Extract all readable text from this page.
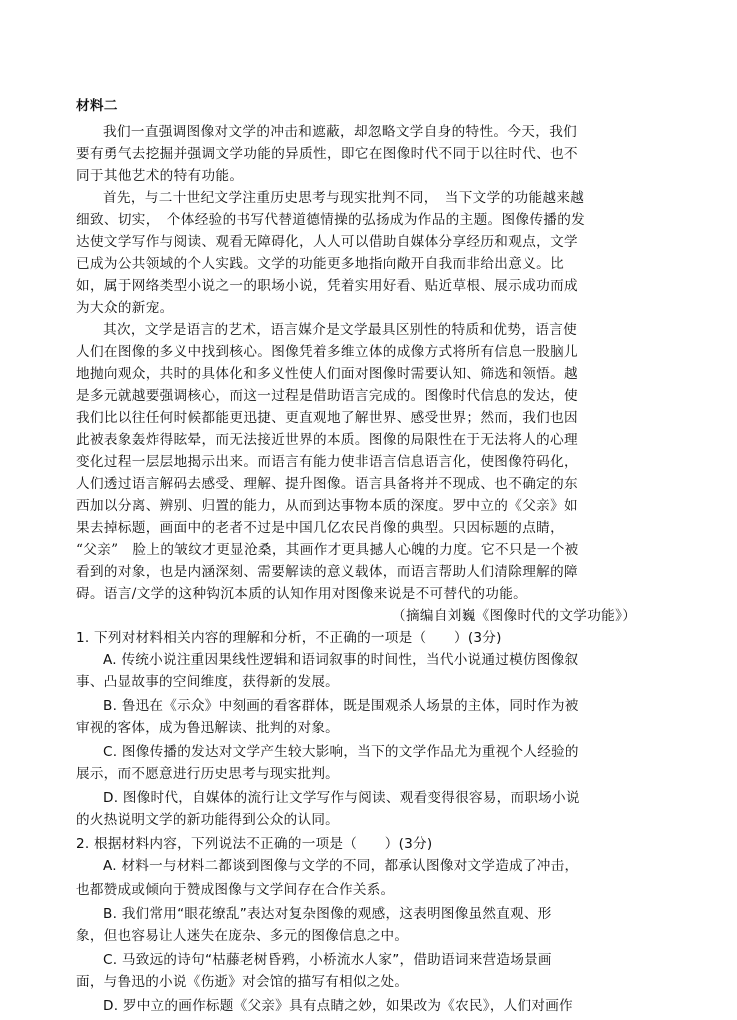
材料二
我们一直强调图像对文学的冲击和遮蔽，却忽略文学自身的特性。今天，我们
要有勇气去挖掘并强调文学功能的异质性，即它在图像时代不同于以往时代、也不
同于其他艺术的特有功能。
首先，与二十世纪文学注重历史思考与现实批判不同，　当下文学的功能越来越
细致、切实，　个体经验的书写代替道德情操的弘扬成为作品的主题。图像传播的发
达使文学写作与阅读、观看无障碍化，人人可以借助自媒体分享经历和观点，文学
已成为公共领域的个人实践。文学的功能更多地指向敞开自我而非给出意义。比
如，属于网络类型小说之一的职场小说，凭着实用好看、贴近草根、展示成功而成
为大众的新宠。
其次，文学是语言的艺术，语言媒介是文学最具区别性的特质和优势，语言使
人们在图像的多义中找到核心。图像凭着多维立体的成像方式将所有信息一股脑儿
地抛向观众，共时的具体化和多义性使人们面对图像时需要认知、筛选和领悟。越
是多元就越要强调核心，而这一过程是借助语言完成的。图像时代信息的发达，使
我们比以往任何时候都能更迅捷、更直观地了解世界、感受世界；然而，我们也因
此被表象轰炸得眩晕，而无法接近世界的本质。图像的局限性在于无法将人的心理
变化过程一层层地揭示出来。而语言有能力使非语言信息语言化，使图像符码化，
人们透过语言解码去感受、理解、提升图像。语言具备将并不现成、也不确定的东
西加以分离、辨别、归置的能力，从而到达事物本质的深度。罗中立的《父亲》如
果去掉标题，画面中的老者不过是中国几亿农民肖像的典型。只因标题的点睛，
“父亲”　脸上的皱纹才更显沧桑，其画作才更具撼人心魄的力度。它不只是一个被
看到的对象，也是内涵深刻、需要解读的意义载体，而语言帮助人们清除理解的障
碍。语言/文学的这种钩沉本质的认知作用对图像来说是不可替代的功能。
（摘编自刘巍《图像时代的文学功能》）
1. 下列对材料相关内容的理解和分析，不正确的一项是（　　）(3分)
A. 传统小说注重因果线性逻辑和语词叙事的时间性，当代小说通过模仿图像叙
事、凸显故事的空间维度，获得新的发展。
B. 鲁迅在《示众》中刻画的看客群体，既是围观杀人场景的主体，同时作为被
审视的客体，成为鲁迅解读、批判的对象。
C. 图像传播的发达对文学产生较大影响，当下的文学作品尤为重视个人经验的
展示，而不愿意进行历史思考与现实批判。
D. 图像时代，自媒体的流行让文学写作与阅读、观看变得很容易，而职场小说
的火热说明文学的新功能得到公众的认同。
2. 根据材料内容，下列说法不正确的一项是（　　）(3分)
A. 材料一与材料二都谈到图像与文学的不同，都承认图像对文学造成了冲击，
也都赞成或倾向于赞成图像与文学间存在合作关系。
B. 我们常用“眼花缭乱”表达对复杂图像的观感，这表明图像虽然直观、形
象，但也容易让人迷失在庞杂、多元的图像信息之中。
C. 马致远的诗句“枯藤老树昏鸦，小桥流水人家”，借助语词来营造场景画
面，与鲁迅的小说《伤逝》对会馆的描写有相似之处。
D. 罗中立的画作标题《父亲》具有点睛之妙，如果改为《农民》，人们对画作
